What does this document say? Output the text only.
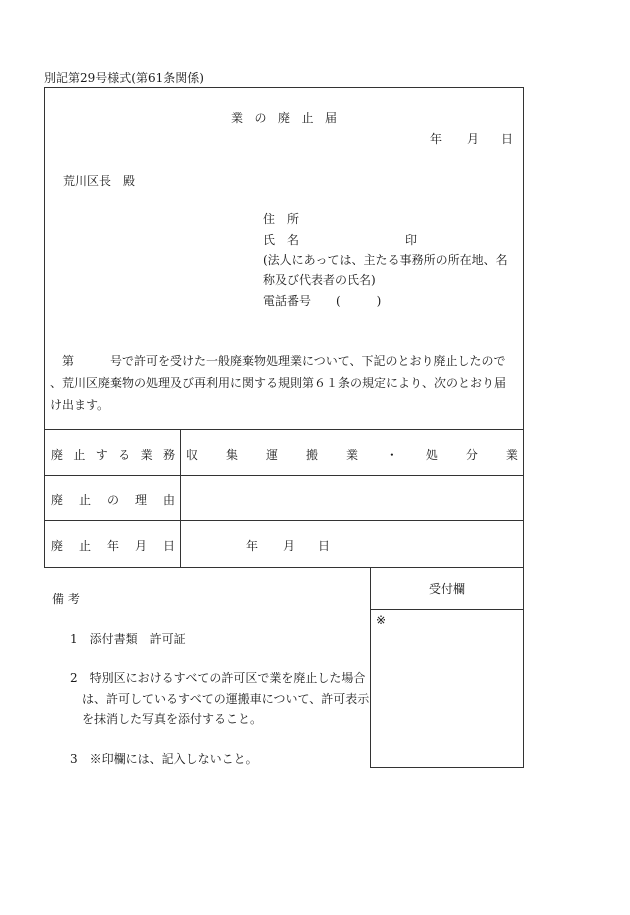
別記第29号様式(第61条関係)
業 の 廃 止 届
年 月 日
荒川区長　殿
住　所
氏　名	印
(法人にあっては、主たる事務所の所在地、名
称及び代表者の氏名)
電話番号 (　　　)
第　　　号で許可を受けた一般廃棄物処理業について、下記のとおり廃止したので
、荒川区廃棄物の処理及び再利用に関する規則第６１条の規定により、次のとおり届
け出ます。
廃 止 す る 業 務 収 集 運 搬 業 ・ 処 分 業
廃 止 の 理 由
廃 止 年 月 日	年 月 日
備 考
1　添付書類　許可証
2　特別区におけるすべての許可区で業を廃止した場合
は、許可しているすべての運搬車について、許可表示
を抹消した写真を添付すること。
3　※印欄には、記入しないこと。
受付欄
※
